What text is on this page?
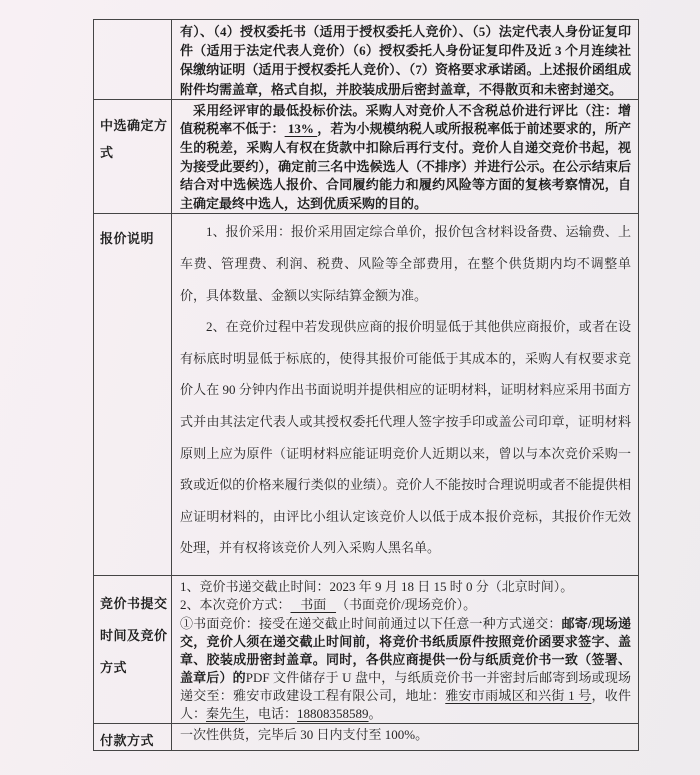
	有）、（4）授权委托书（适用于授权委托人竞价）、（5）法定代表人身份证复印件（适用于法定代表人竞价）（6）授权委托人身份证复印件及近 3 个月连续社保缴纳证明（适用于授权委托人竞价）、（7）资格要求承诺函。上述报价函组成附件均需盖章，格式自拟，并胶装成册后密封盖章，不得散页和未密封递交。

中选确定方式	采用经评审的最低投标价法。采购人对竞价人不含税总价进行评比（注：增值税税率不低于： 13% ，若为小规模纳税人或所报税率低于前述要求的，所产生的税差，采购人有权在货款中扣除后再行支付。竞价人自递交竞价书起，视为接受此要约），确定前三名中选候选人（不排序）并进行公示。在公示结束后结合对中选候选人报价、合同履约能力和履约风险等方面的复核考察情况，自主确定最终中选人，达到优质采购的目的。

报价说明	1、报价采用：报价采用固定综合单价，报价包含材料设备费、运输费、上车费、管理费、利润、税费、风险等全部费用，在整个供货期内均不调整单价，具体数量、金额以实际结算金额为准。

2、在竞价过程中若发现供应商的报价明显低于其他供应商报价，或者在设有标底时明显低于标底的，使得其报价可能低于其成本的，采购人有权要求竞价人在 90 分钟内作出书面说明并提供相应的证明材料，证明材料应采用书面方式并由其法定代表人或其授权委托代理人签字按手印或盖公司印章，证明材料原则上应为原件（证明材料应能证明竞价人近期以来，曾以与本次竞价采购一致或近似的价格来履行类似的业绩）。竞价人不能按时合理说明或者不能提供相应证明材料的，由评比小组认定该竞价人以低于成本报价竞标，其报价作无效处理，并有权将该竞价人列入采购人黑名单。

竞价书提交时间及竞价方式	1、竞价书递交截止时间：2023 年 9 月 18 日 15 时 0 分（北京时间）。

2、本次竞价方式：   书面   （书面竞价/现场竞价）。

①书面竞价：接受在递交截止时间前通过以下任意一种方式递交：邮寄/现场递交，竞价人须在递交截止时间前，将竞价书纸质原件按照竞价函要求签字、盖章、胶装成册密封盖章。同时，各供应商提供一份与纸质竞价书一致（签署、盖章后）的PDF 文件储存于 U 盘中，与纸质竞价书一并密封后邮寄到场或现场递交至：雅安市政建设工程有限公司，地址：雅安市雨城区和兴街 1 号，收件人：秦先生，电话：18808358589。

付款方式	一次性供货，完毕后 30 日内支付至 100%。
